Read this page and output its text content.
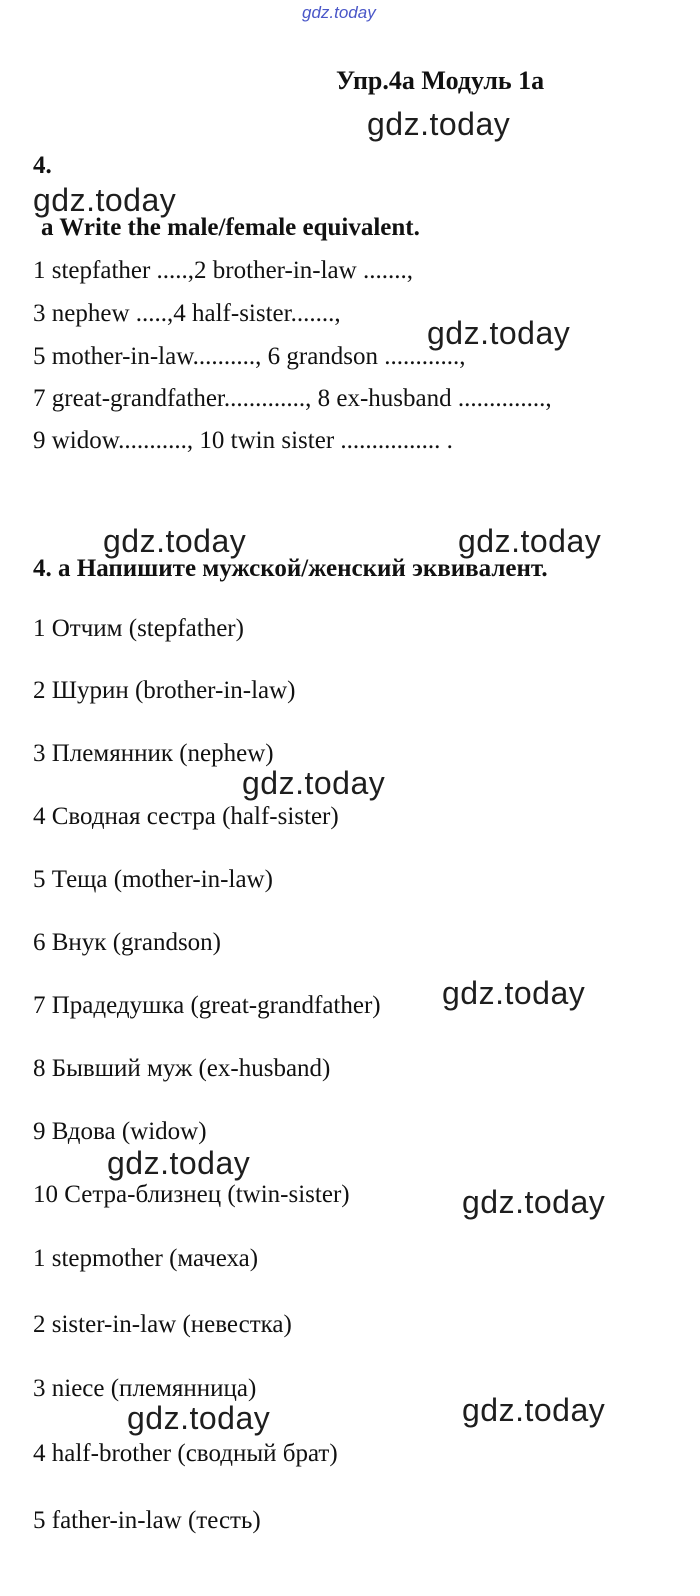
gdz.today
Упр.4а Модуль 1а
gdz.today
4.
gdz.today
a Write the male/female equivalent.
1 stepfather .....,2 brother-in-law .......,
3 nephew .....,4 half-sister.......,
5 mother-in-law.........., 6 grandson ............,
7 great-grandfather............., 8 ex-husband ..............,
9 widow..........., 10 twin sister ................ .
gdz.today
gdz.today	gdz.today
4. а Напишите мужской/женский эквивалент.
1 Отчим (stepfather)
2 Шурин (brother-in-law)
3 Племянник (nephew)
4 Сводная сестра (half-sister)
5 Теща (mother-in-law)
6 Внук (grandson)
7 Прадедушка (great-grandfather)
8 Бывший муж (ex-husband)
9 Вдова (widow)
10 Сетра-близнец (twin-sister)
gdz.today
gdz.today
gdz.today
gdz.today
1 stepmother (мачеха)
2 sister-in-law (невестка)
3 niece (племянница)
4 half-brother (сводный брат)
5 father-in-law (тесть)
gdz.today	gdz.today
